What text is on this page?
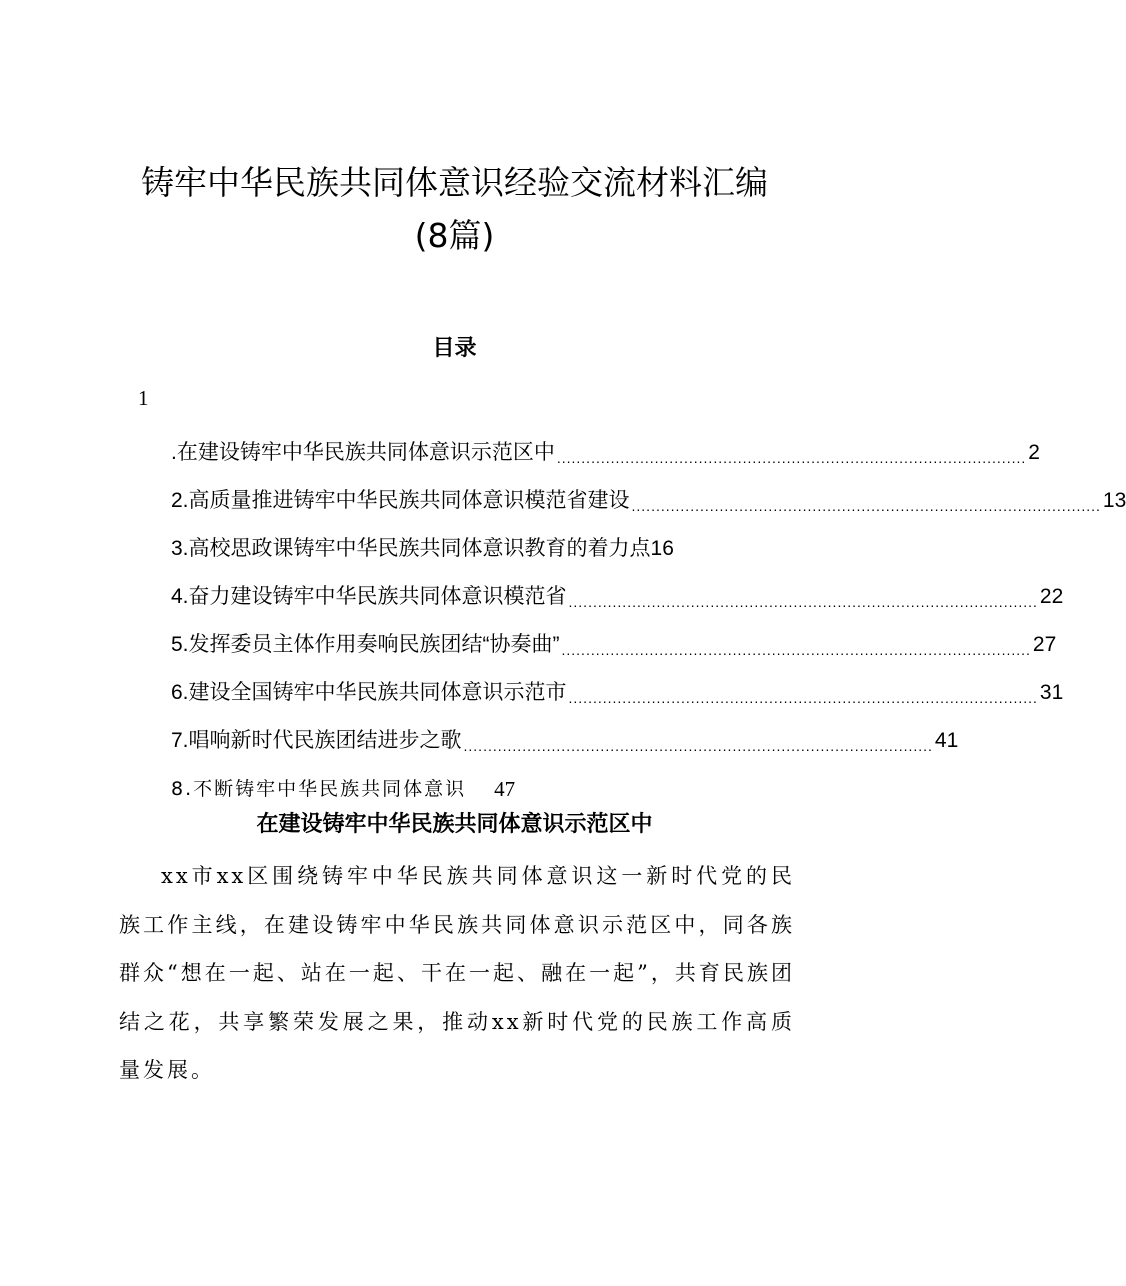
铸牢中华民族共同体意识经验交流材料汇编
(8篇)
目录
1
.在建设铸牢中华民族共同体意识示范区中 ................................................................................................ 2
2.高质量推进铸牢中华民族共同体意识模范省建设 ................................................................................................ 13
3.高校思政课铸牢中华民族共同体意识教育的着力点 16
4.奋力建设铸牢中华民族共同体意识模范省 ................................................................................................ 22
5.发挥委员主体作用奏响民族团结“协奏曲” ................................................................................................ 27
6.建设全国铸牢中华民族共同体意识示范市 ................................................................................................ 31
7.唱响新时代民族团结进步之歌 ................................................................................................ 41
8.不断铸牢中华民族共同体意识 47
在建设铸牢中华民族共同体意识示范区中

xx市xx区围绕铸牢中华民族共同体意识这一新时代党的民族工作主线，在建设铸牢中华民族共同体意识示范区中，同各族群众“想在一起、站在一起、干在一起、融在一起”，共育民族团结之花，共享繁荣发展之果，推动xx新时代党的民族工作高质量发展。
